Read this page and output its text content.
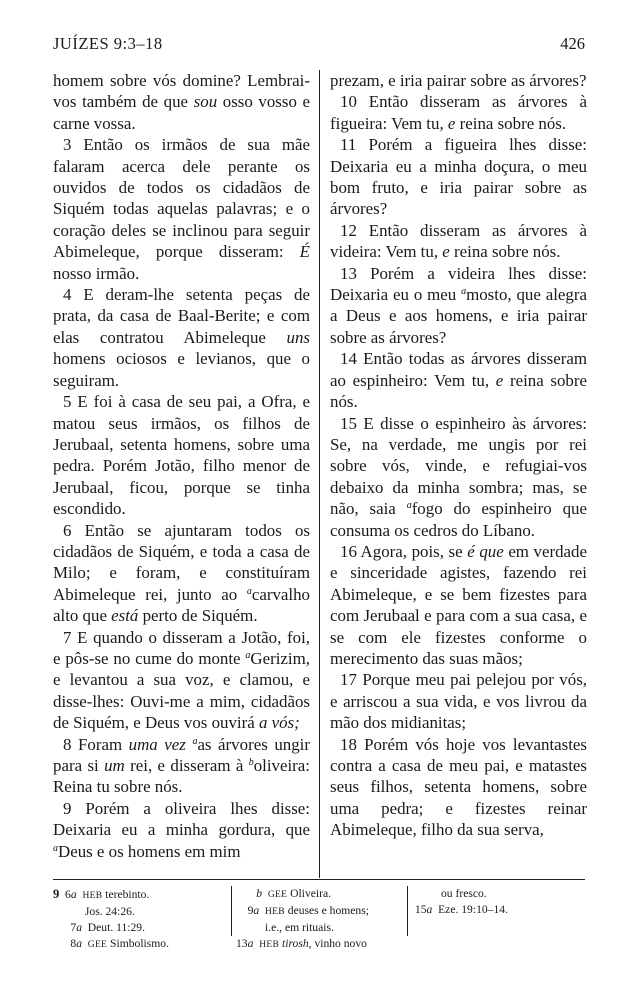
JUÍZES 9:3–18	426

homem sobre vós domine? Lembrai-vos também de que sou osso vosso e carne vossa.

3 Então os irmãos de sua mãe falaram acerca dele perante os ouvidos de todos os cidadãos de Siquém todas aquelas palavras; e o coração deles se inclinou para seguir Abimeleque, porque disseram: É nosso irmão.

4 E deram-lhe setenta peças de prata, da casa de Baal-Berite; e com elas contratou Abimeleque uns homens ociosos e levianos, que o seguiram.

5 E foi à casa de seu pai, a Ofra, e matou seus irmãos, os filhos de Jerubaal, setenta homens, sobre uma pedra. Porém Jotão, filho menor de Jerubaal, ficou, porque se tinha escondido.

6 Então se ajuntaram todos os cidadãos de Siquém, e toda a casa de Milo; e foram, e constituíram Abimeleque rei, junto ao $^a$carvalho alto que está perto de Siquém.

7 E quando o disseram a Jotão, foi, e pôs-se no cume do monte $^a$Gerizim, e levantou a sua voz, e clamou, e disse-lhes: Ouvi-me a mim, cidadãos de Siquém, e Deus vos ouvirá a vós;

8 Foram uma vez $^a$as árvores ungir para si um rei, e disseram à $^b$oliveira: Reina tu sobre nós.

9 Porém a oliveira lhes disse: Deixaria eu a minha gordura, que $^a$Deus e os homens em mim

prezam, e iria pairar sobre as árvores?

10 Então disseram as árvores à figueira: Vem tu, e reina sobre nós.

11 Porém a figueira lhes disse: Deixaria eu a minha doçura, o meu bom fruto, e iria pairar sobre as árvores?

12 Então disseram as árvores à videira: Vem tu, e reina sobre nós.

13 Porém a videira lhes disse: Deixaria eu o meu $^a$mosto, que alegra a Deus e aos homens, e iria pairar sobre as árvores?

14 Então todas as árvores disseram ao espinheiro: Vem tu, e reina sobre nós.

15 E disse o espinheiro às árvores: Se, na verdade, me ungis por rei sobre vós, vinde, e refugiai-vos debaixo da minha sombra; mas, se não, saia $^a$fogo do espinheiro que consuma os cedros do Líbano.

16 Agora, pois, se é que em verdade e sinceridade agistes, fazendo rei Abimeleque, e se bem fizestes para com Jerubaal e para com a sua casa, e se com ele fizestes conforme o merecimento das suas mãos;

17 Porque meu pai pelejou por vós, e arriscou a sua vida, e vos livrou da mão dos midianitas;

18 Porém vós hoje vos levantastes contra a casa de meu pai, e matastes seus filhos, setenta homens, sobre uma pedra; e fizestes reinar Abimeleque, filho da sua serva,

9  6a HEB terebinto.
Jos. 24:26.
7a  Deut. 11:29.
8a GEE Simbolismo.
b GEE Oliveira.
9a HEB deuses e homens;
i.e., em rituais.
13a HEB tirosh, vinho novo
ou fresco.
15a  Eze. 19:10–14.
